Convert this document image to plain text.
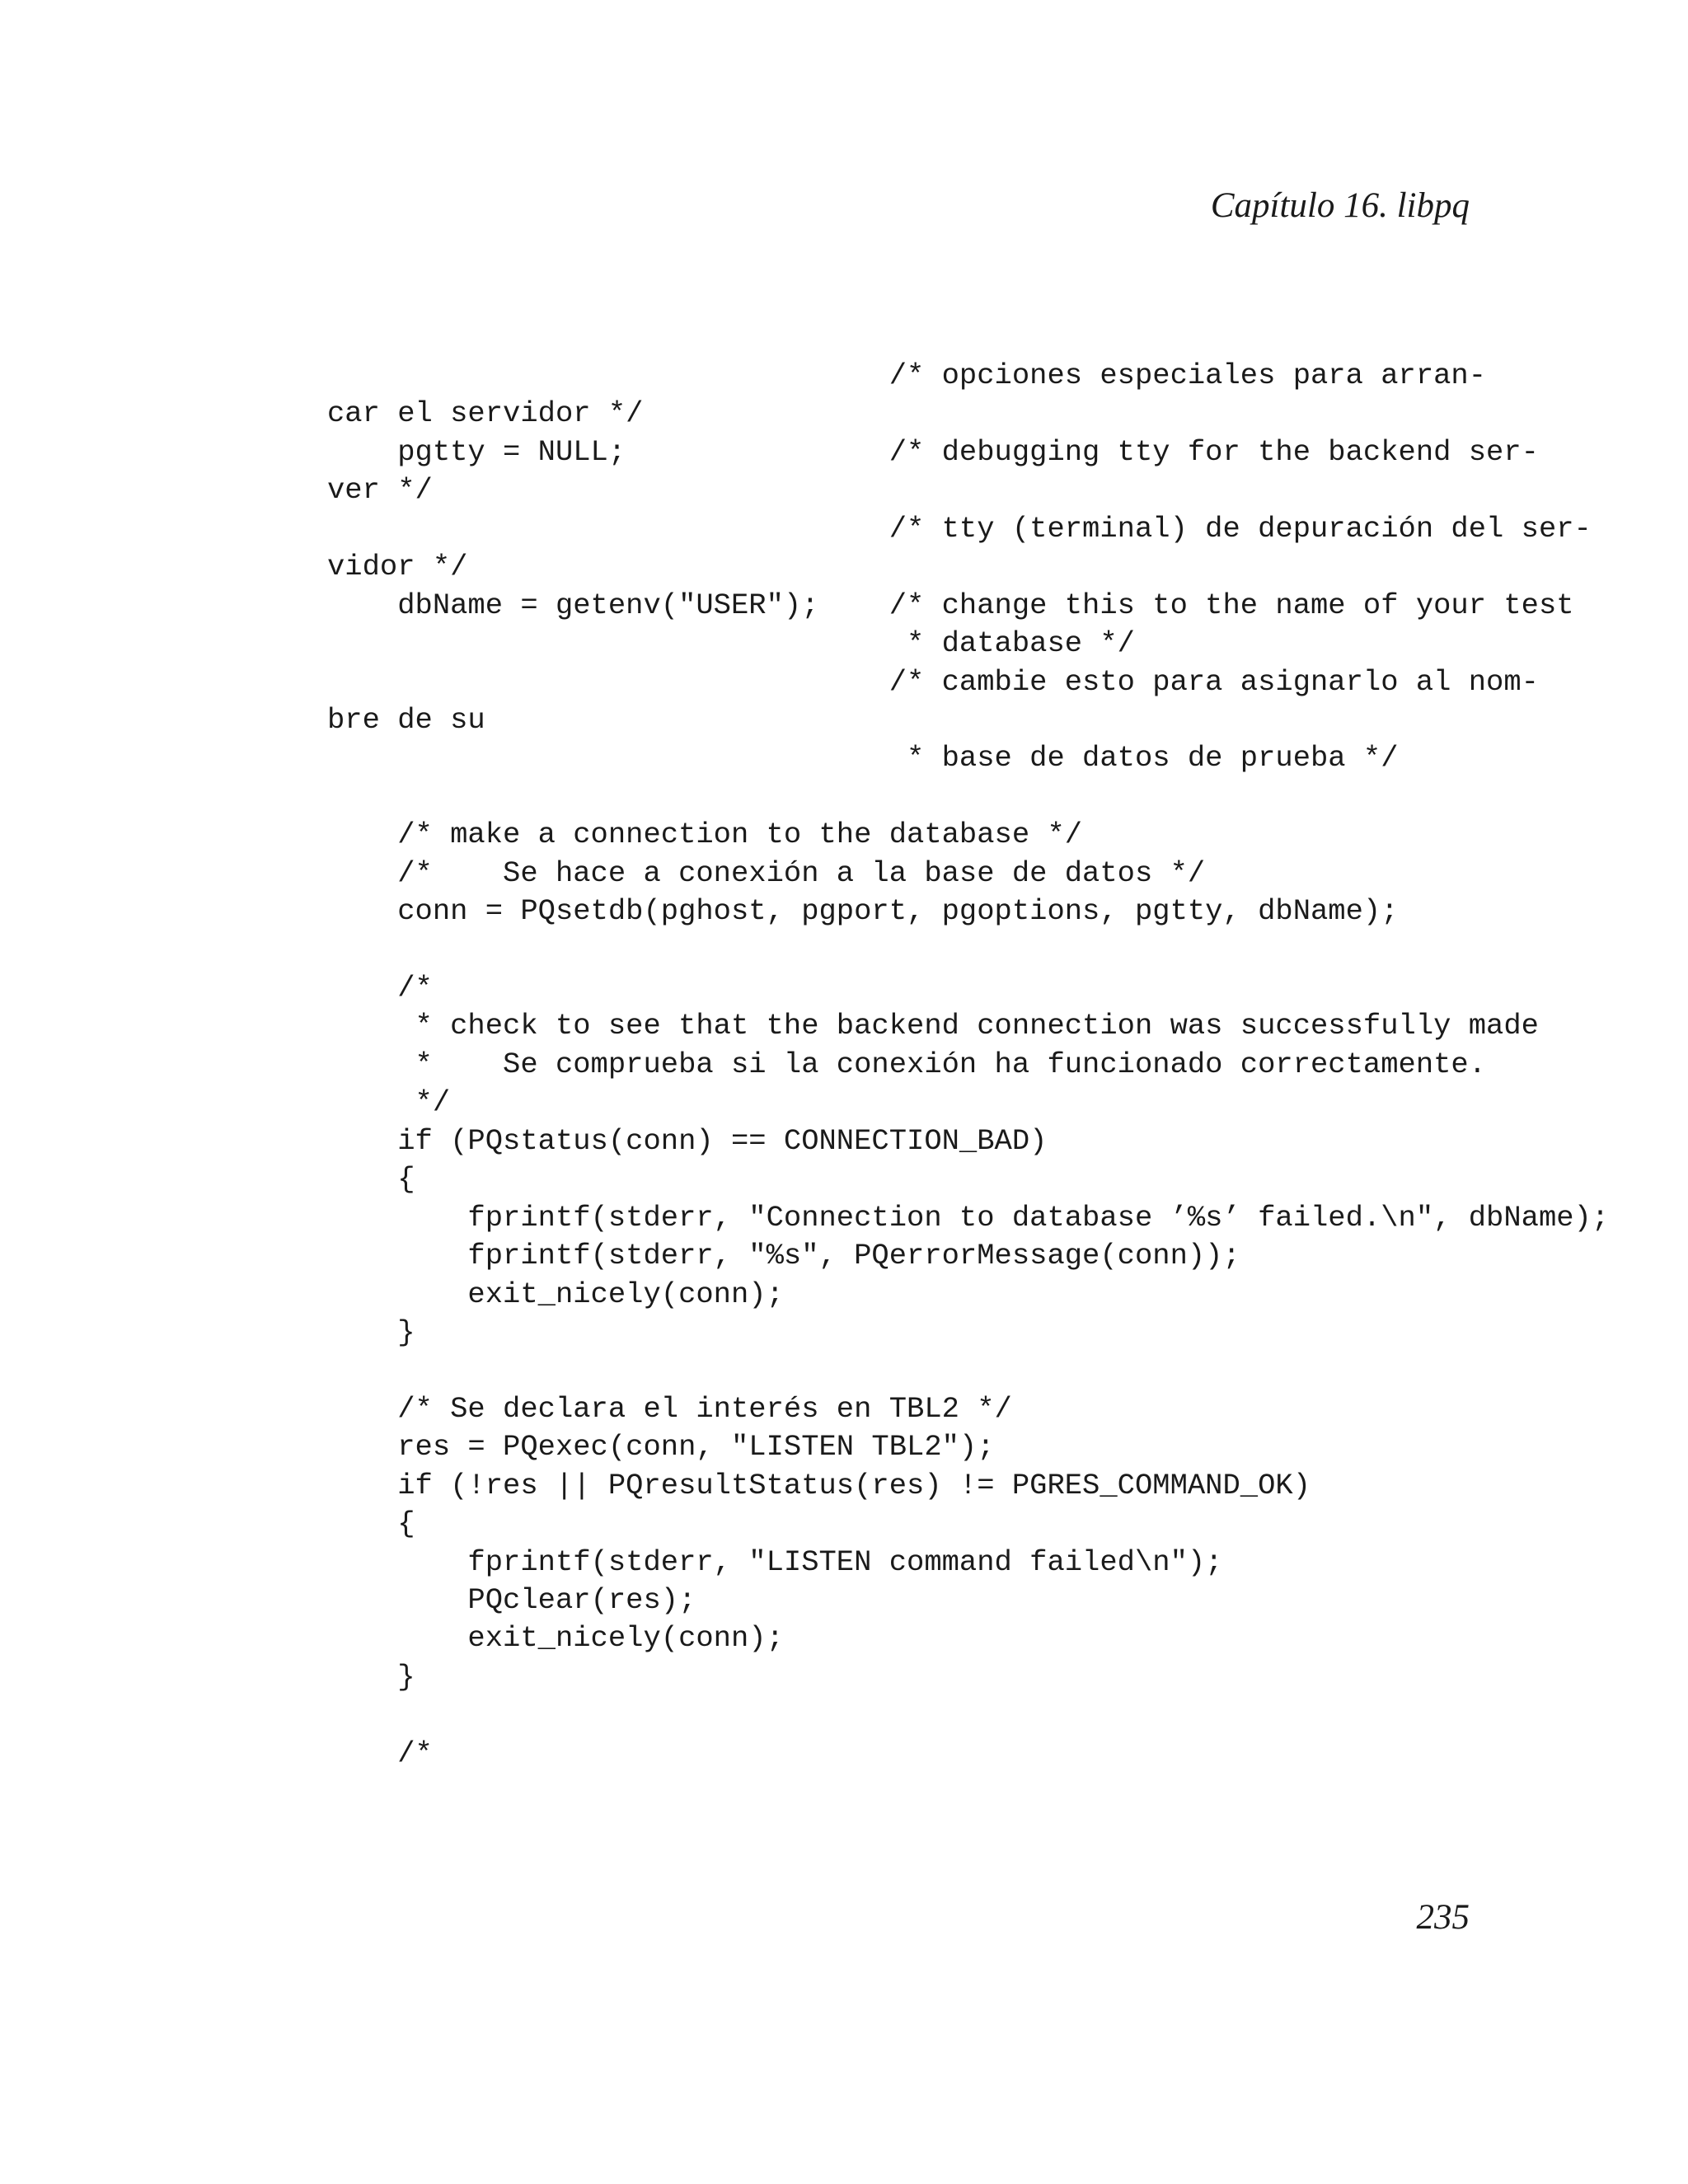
Capítulo 16. libpq
/* opciones especiales para arran-
car el servidor */
pgtty = NULL;               /* debugging tty for the backend ser-
ver */
/* tty (terminal) de depuración del ser-
vidor */
dbName = getenv("USER");    /* change this to the name of your test
* database */
/* cambie esto para asignarlo al nom-
bre de su
* base de datos de prueba */
/* make a connection to the database */
/*    Se hace a conexión a la base de datos */
conn = PQsetdb(pghost, pgport, pgoptions, pgtty, dbName);
/*
* check to see that the backend connection was successfully made
*    Se comprueba si la conexión ha funcionado correctamente.
*/
if (PQstatus(conn) == CONNECTION_BAD)
{
fprintf(stderr, "Connection to database ’%s’ failed.\n", dbName);
fprintf(stderr, "%s", PQerrorMessage(conn));
exit_nicely(conn);
}
/* Se declara el interés en TBL2 */
res = PQexec(conn, "LISTEN TBL2");
if (!res || PQresultStatus(res) != PGRES_COMMAND_OK)
{
fprintf(stderr, "LISTEN command failed\n");
PQclear(res);
exit_nicely(conn);
}
/*
235
